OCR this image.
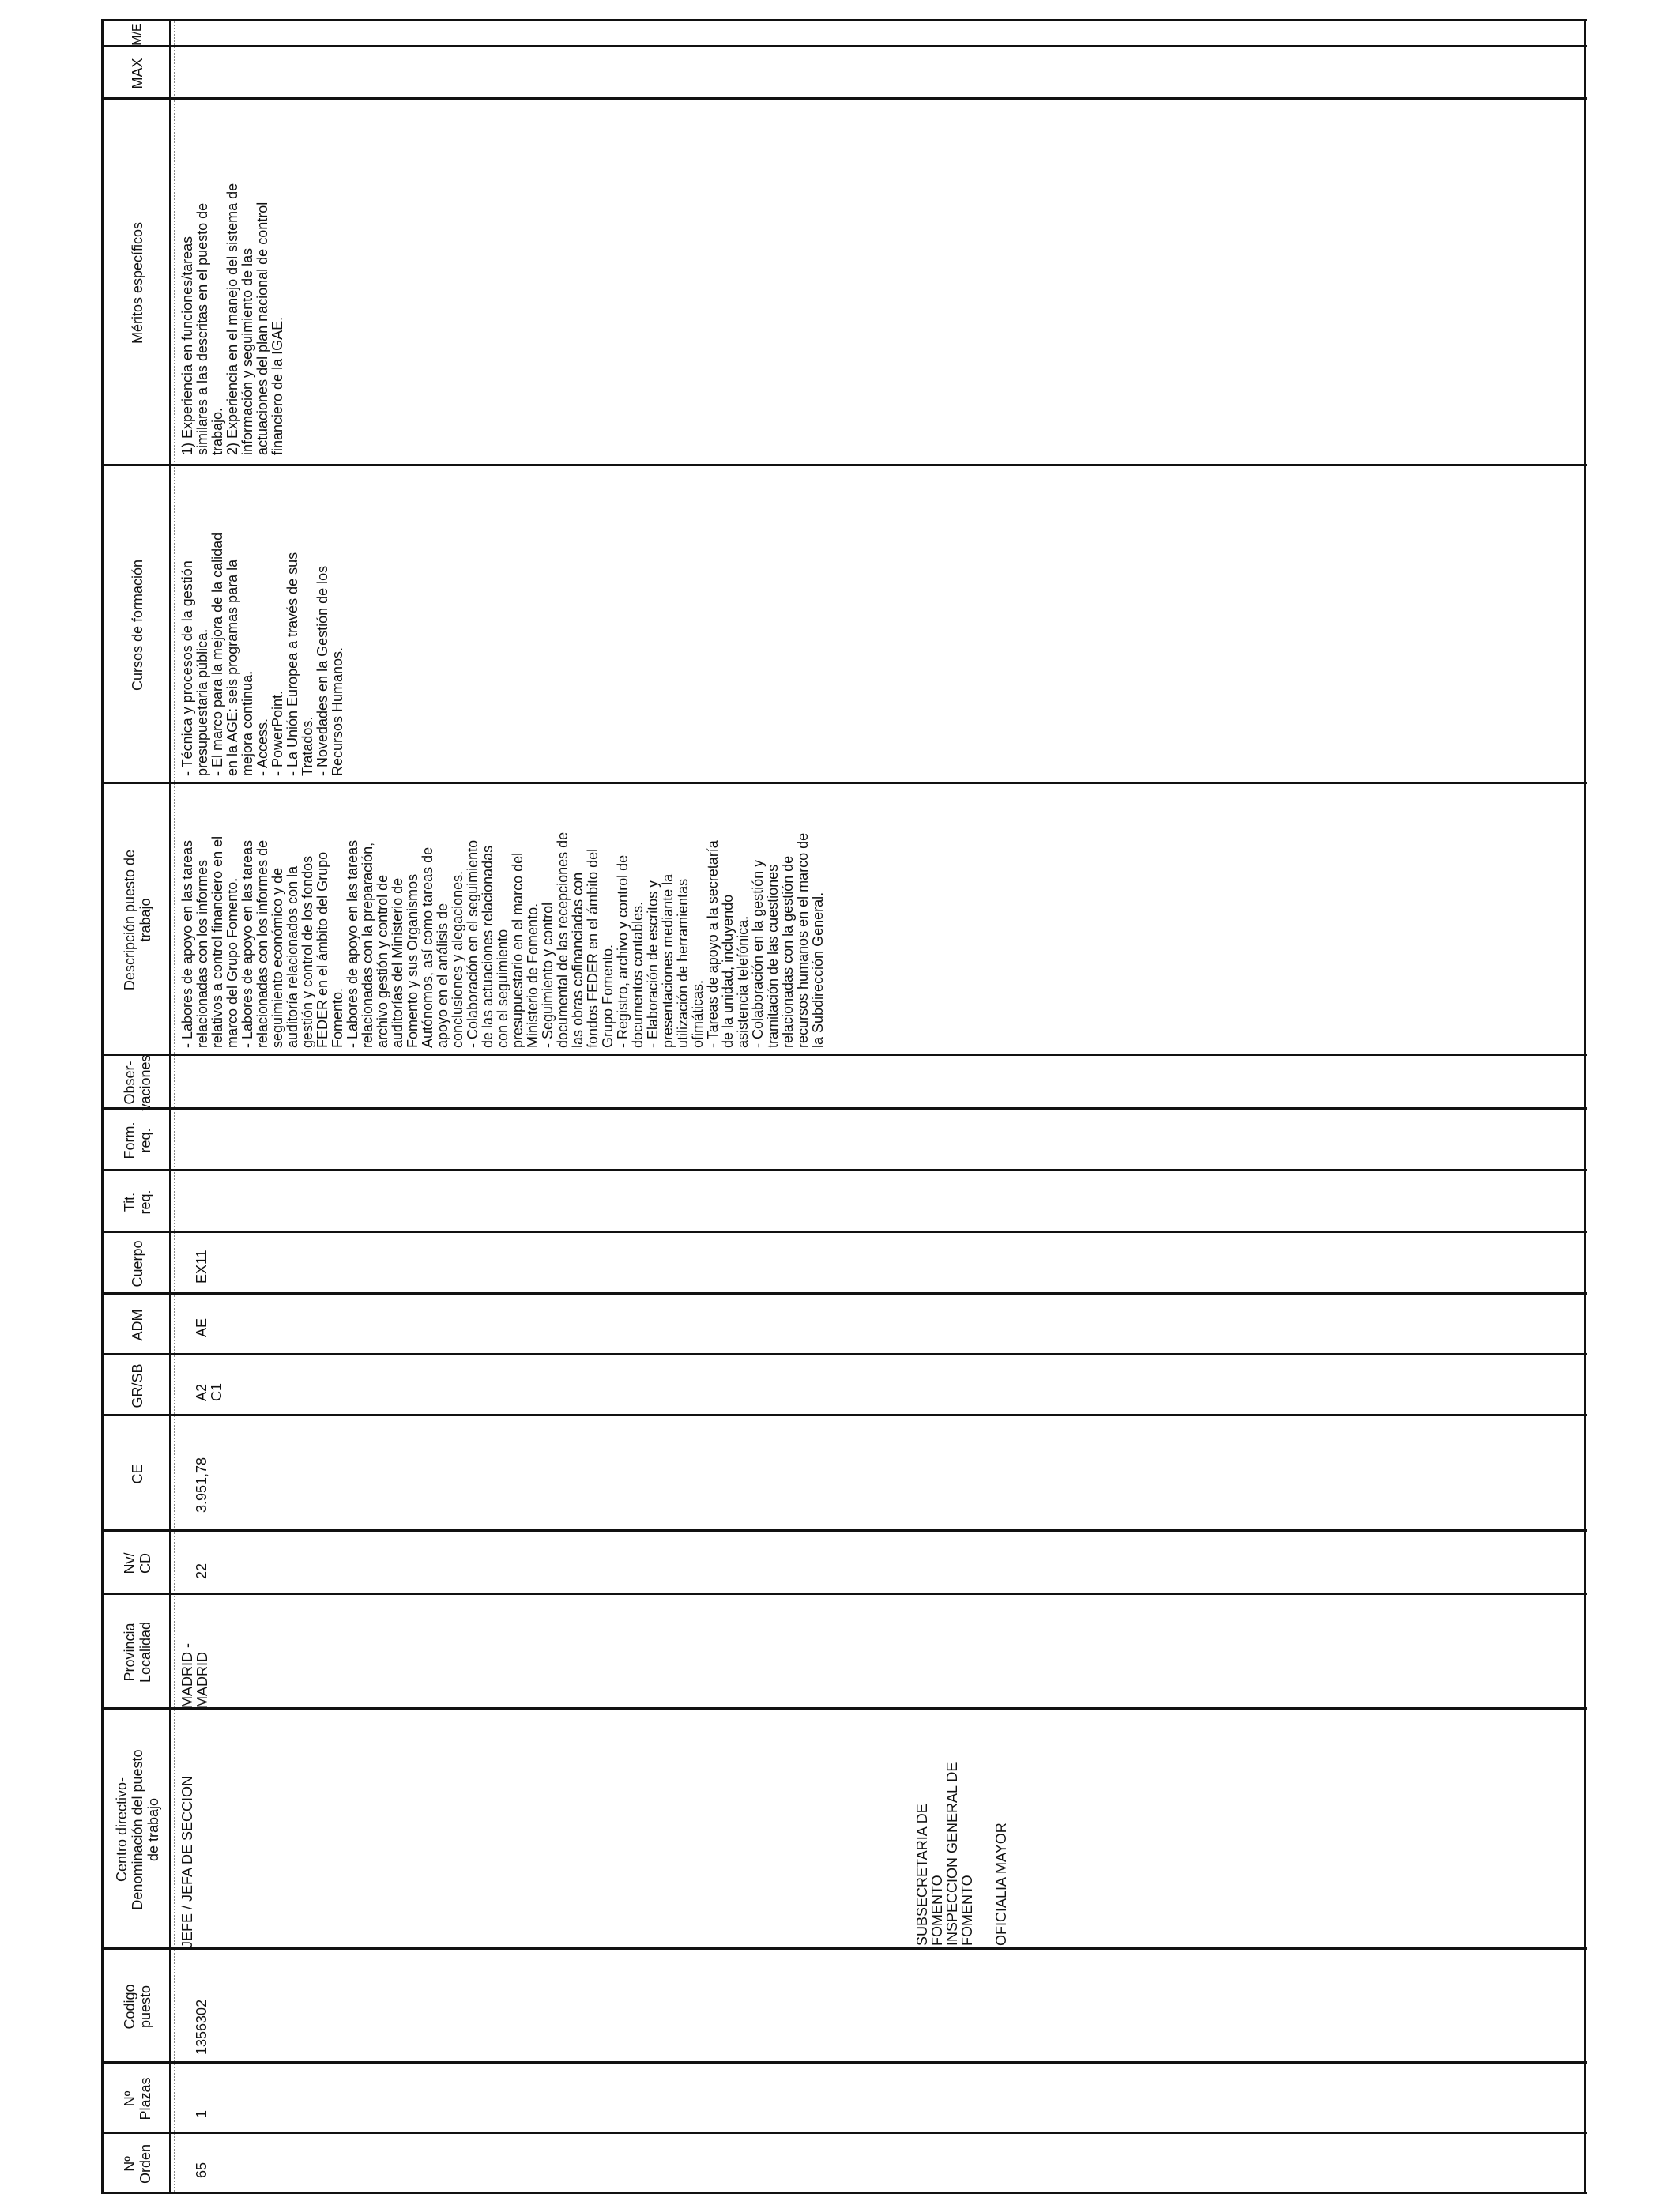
Nº
Orden
Nº
Plazas
Codigo
puesto
Centro directivo-
Denominación del puesto
de trabajo
Provincia
Localidad
Nv/
CD
CE
GR/SB
ADM
Cuerpo
Tit.
req.
Form.
req.
Obser-
vaciones
Descripción puesto de
trabajo
Cursos de formación
Méritos específicos
MAX
M/E
65
1
1356302
JEFE / JEFA DE SECCION	SUBSECRETARIA DE
FOMENTO
INSPECCION GENERAL DE
FOMENTO OFICIALIA MAYOR
MADRID -
MADRID
22
3.951,78
A2
C1
AE
EX11
- Labores de apoyo en las tareas
relacionadas con los informes
relativos a control financiero en el
marco del Grupo Fomento.
- Labores de apoyo en las tareas
relacionadas con los informes de
seguimiento económico y de
auditoría relacionados con la
gestión y control de los fondos
FEDER en el ámbito del Grupo
Fomento.
- Labores de apoyo en las tareas
relacionadas con la preparación,
archivo gestión y control de
auditorías del Ministerio de
Fomento y sus Organismos
Autónomos, así como tareas de
apoyo en el análisis de
conclusiones y alegaciones.
- Colaboración en el seguimiento
de las actuaciones relacionadas
con el seguimiento
presupuestario en el marco del
Ministerio de Fomento.
- Seguimiento y control
documental de las recepciones de
las obras cofinanciadas con
fondos FEDER en el ámbito del
Grupo Fomento.
- Registro, archivo y control de
documentos contables.
- Elaboración de escritos y
presentaciones mediante la
utilización de herramientas
ofimáticas.
- Tareas de apoyo a la secretaría
de la unidad, incluyendo
asistencia telefónica.
- Colaboración en la gestión y
tramitación de las cuestiones
relacionadas con la gestión de
recursos humanos en el marco de
la Subdirección General.
- Técnica y procesos de la gestión
presupuestaria pública.
- El marco para la mejora de la calidad
en la AGE: seis programas para la
mejora continua.
- Access.
- PowerPoint.
- La Unión Europea a través de sus
Tratados.
- Novedades en la Gestión de los
Recursos Humanos.
1) Experiencia en funciones/tareas
similares a las descritas en el puesto de
trabajo.
2) Experiencia en el manejo del sistema de
información y seguimiento de las
actuaciones del plan nacional de control
financiero de la IGAE.
